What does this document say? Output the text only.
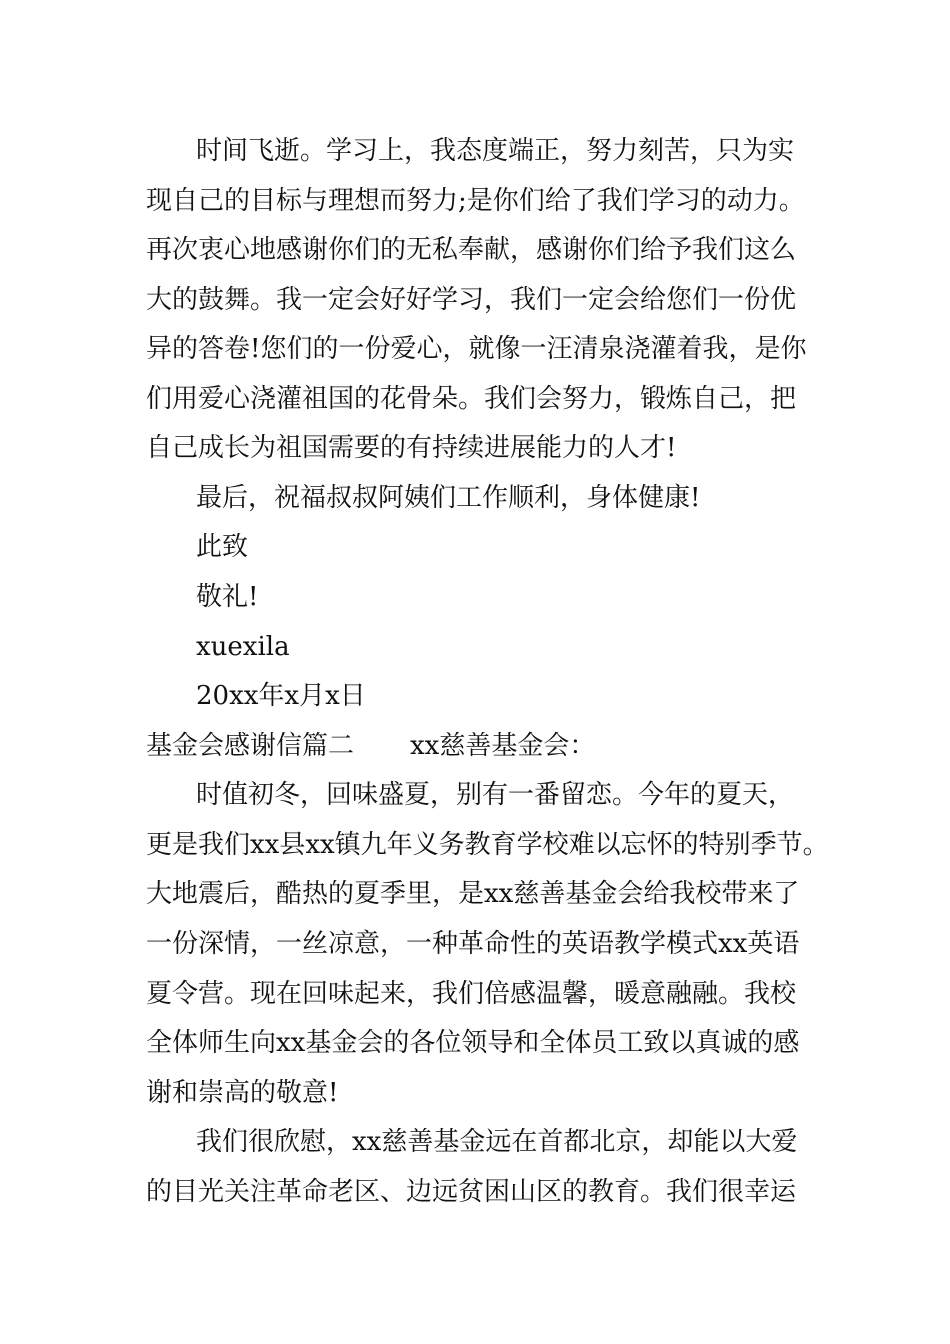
时间飞逝。学习上，我态度端正，努力刻苦，只为实
现自己的目标与理想而努力;是你们给了我们学习的动力。
再次衷心地感谢你们的无私奉献，感谢你们给予我们这么
大的鼓舞。我一定会好好学习，我们一定会给您们一份优
异的答卷!您们的一份爱心，就像一汪清泉浇灌着我，是你
们用爱心浇灌祖国的花骨朵。我们会努力，锻炼自己，把
自己成长为祖国需要的有持续进展能力的人才!
最后，祝福叔叔阿姨们工作顺利，身体健康!
此致
敬礼!
xuexila
20xx年x月x日
基金会感谢信篇二 xx慈善基金会：
时值初冬，回味盛夏，别有一番留恋。今年的夏天，
更是我们xx县xx镇九年义务教育学校难以忘怀的特别季节。
大地震后，酷热的夏季里，是xx慈善基金会给我校带来了
一份深情，一丝凉意，一种革命性的英语教学模式xx英语
夏令营。现在回味起来，我们倍感温馨，暖意融融。我校
全体师生向xx基金会的各位领导和全体员工致以真诚的感
谢和崇高的敬意!
我们很欣慰，xx慈善基金远在首都北京，却能以大爱
的目光关注革命老区、边远贫困山区的教育。我们很幸运
